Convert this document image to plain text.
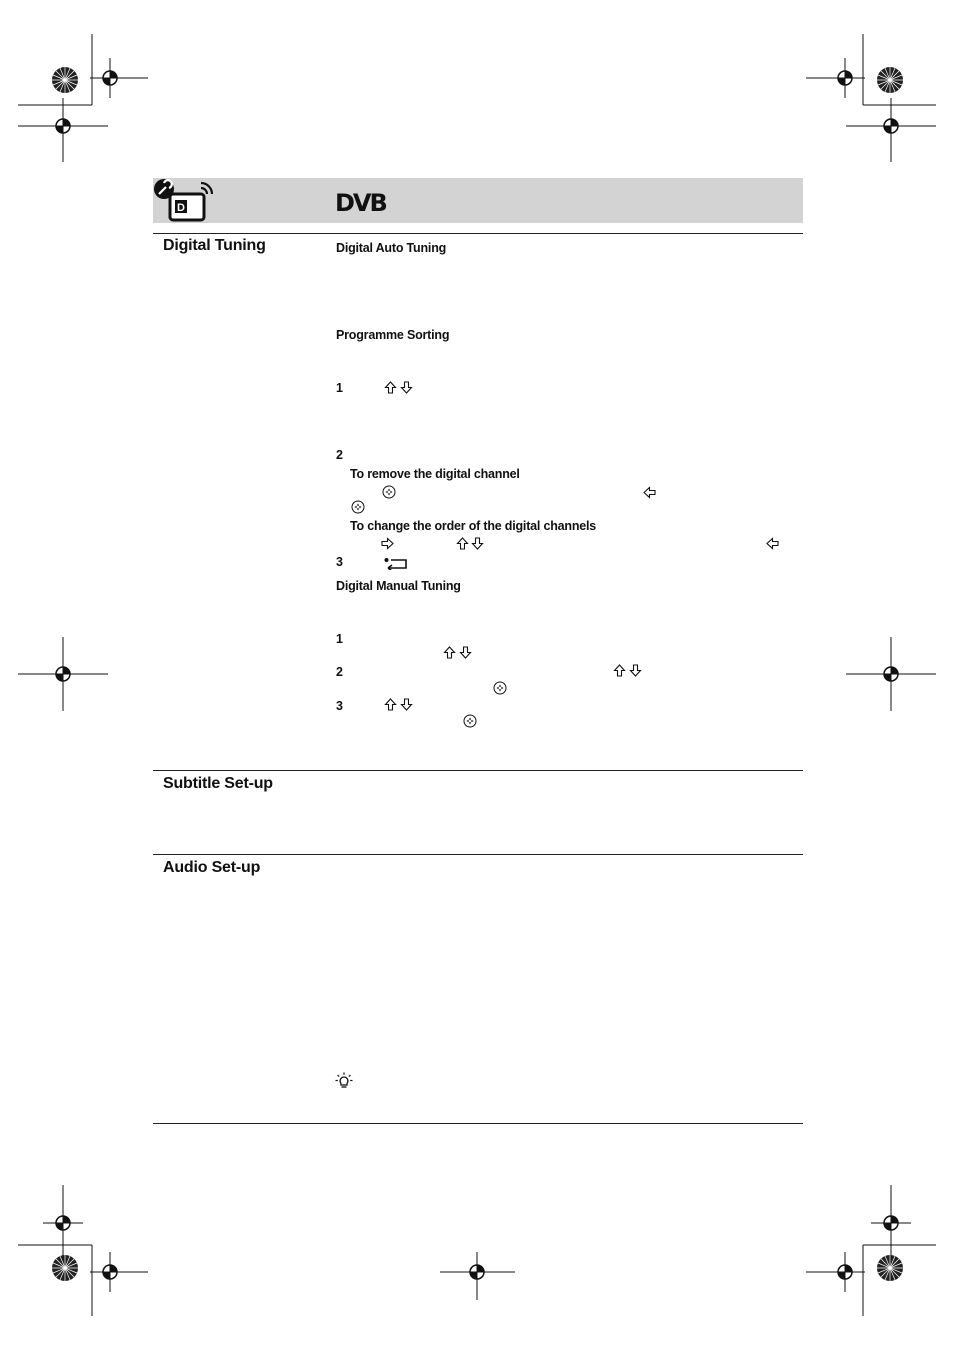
D	DVB
Digital Tuning	Digital Auto Tuning
Programme Sorting
1
2
To remove the digital channel
To change the order of the digital channels
3
Digital Manual Tuning
1
2
3
Subtitle Set-up
Audio Set-up
